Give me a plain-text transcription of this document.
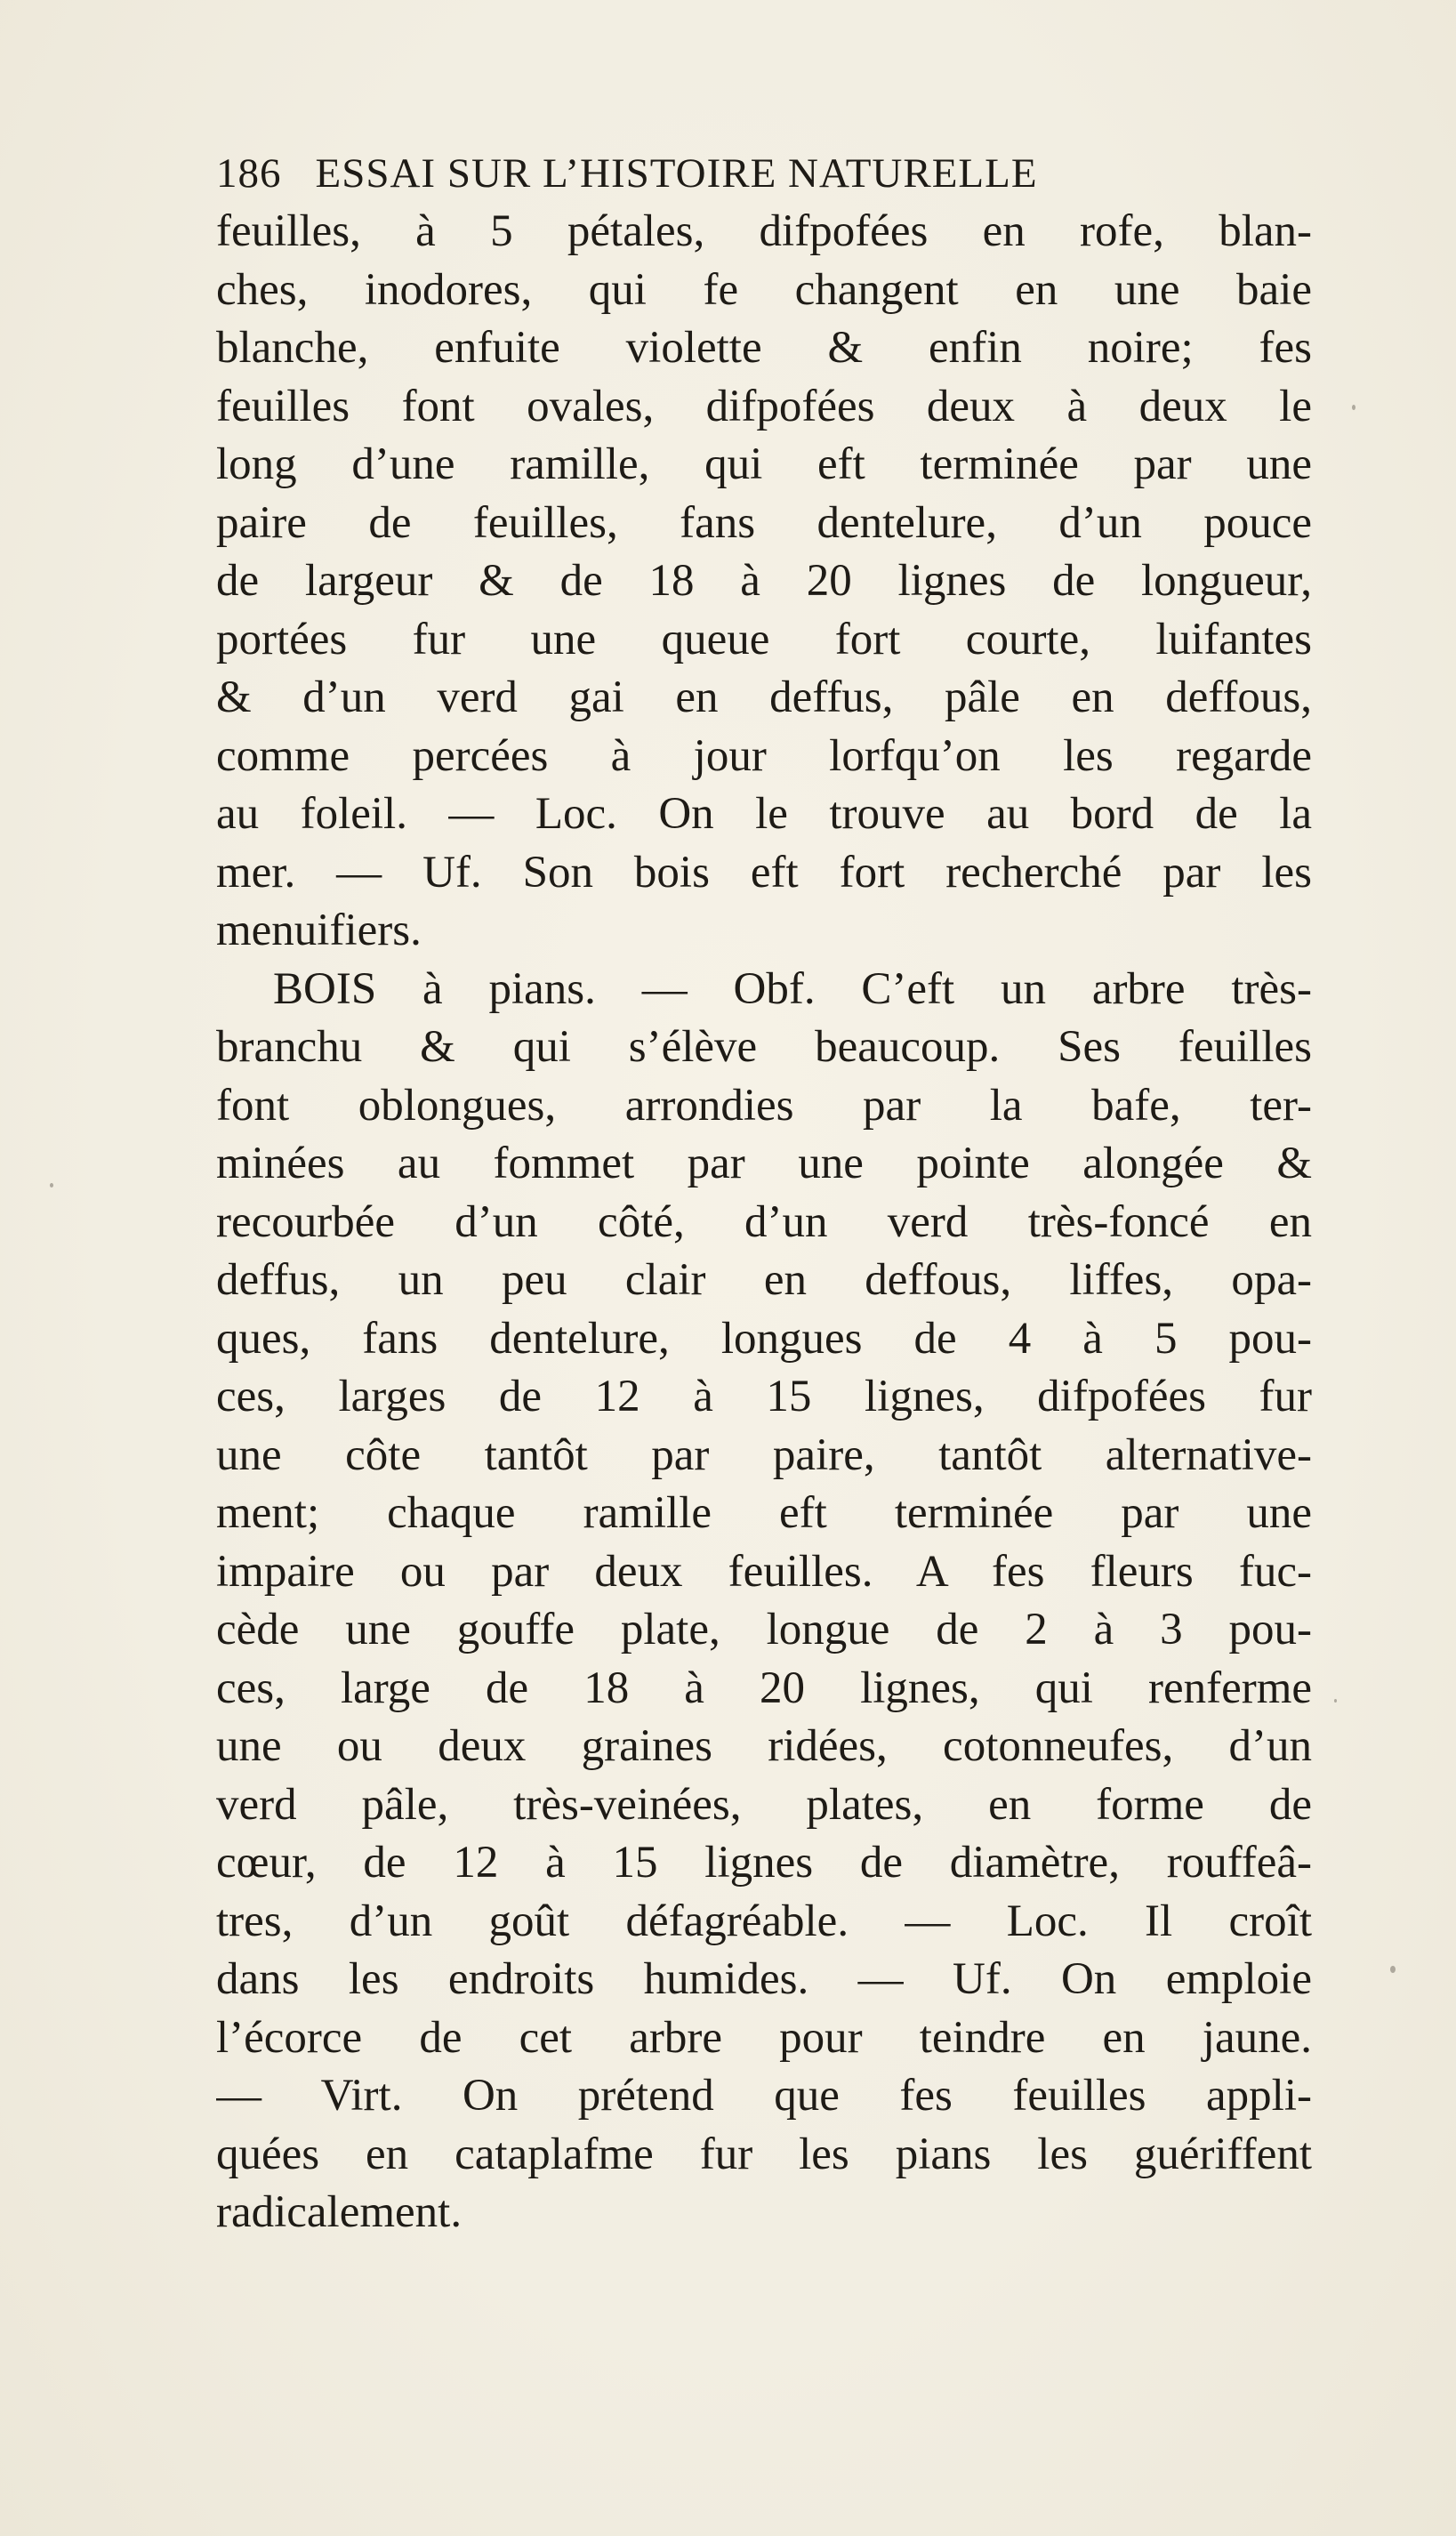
186 ESSAI SUR L’HISTOIRE NATURELLE
feuilles, à 5 pétales, difpofées en rofe, blan-
ches, inodores, qui fe changent en une baie
blanche, enfuite violette & enfin noire; fes
feuilles font ovales, difpofées deux à deux le
long d’une ramille, qui eft terminée par une
paire de feuilles, fans dentelure, d’un pouce
de largeur & de 18 à 20 lignes de longueur,
portées fur une queue fort courte, luifantes
& d’un verd gai en deffus, pâle en deffous,
comme percées à jour lorfqu’on les regarde
au foleil. — Loc. On le trouve au bord de la
mer. — Uf. Son bois eft fort recherché par les
menuifiers.
BOIS à pians. — Obf. C’eft un arbre très-
branchu & qui s’élève beaucoup. Ses feuilles
font oblongues, arrondies par la bafe, ter-
minées au fommet par une pointe alongée &
recourbée d’un côté, d’un verd très-foncé en
deffus, un peu clair en deffous, liffes, opa-
ques, fans dentelure, longues de 4 à 5 pou-
ces, larges de 12 à 15 lignes, difpofées fur
une côte tantôt par paire, tantôt alternative-
ment; chaque ramille eft terminée par une
impaire ou par deux feuilles. A fes fleurs fuc-
cède une gouffe plate, longue de 2 à 3 pou-
ces, large de 18 à 20 lignes, qui renferme
une ou deux graines ridées, cotonneufes, d’un
verd pâle, très-veinées, plates, en forme de
cœur, de 12 à 15 lignes de diamètre, rouffeâ-
tres, d’un goût défagréable. — Loc. Il croît
dans les endroits humides. — Uf. On emploie
l’écorce de cet arbre pour teindre en jaune.
— Virt. On prétend que fes feuilles appli-
quées en cataplafme fur les pians les guériffent
radicalement.
